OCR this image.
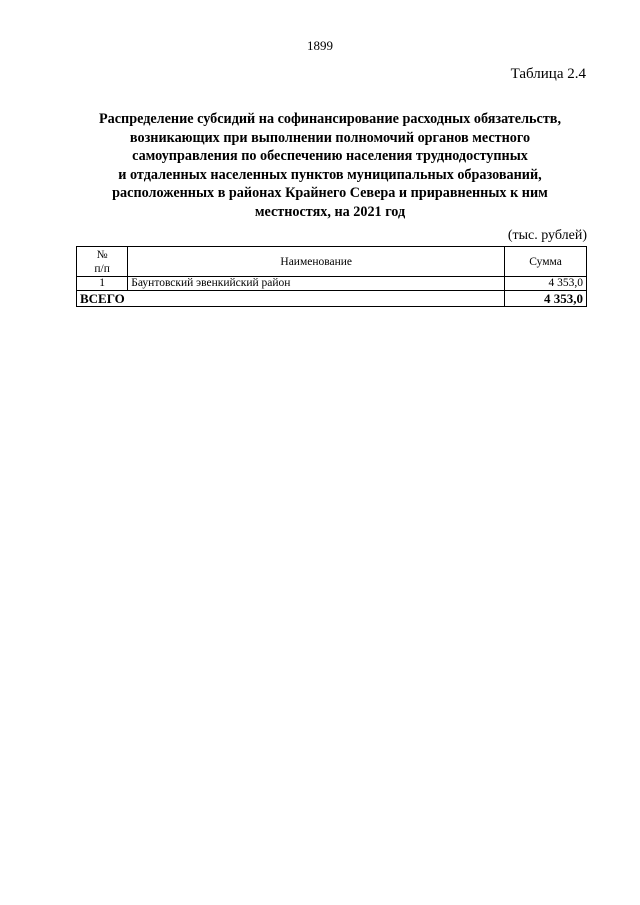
1899
Таблица 2.4
Распределение субсидий на софинансирование расходных обязательств,
возникающих при выполнении полномочий органов местного
самоуправления по обеспечению населения труднодоступных
и отдаленных населенных пунктов муниципальных образований,
расположенных в районах Крайнего Севера и приравненных к ним
местностях, на 2021 год
(тыс. рублей)
№
п/п	Наименование	Сумма
1	Баунтовский эвенкийский район	4 353,0
ВСЕГО		4 353,0
